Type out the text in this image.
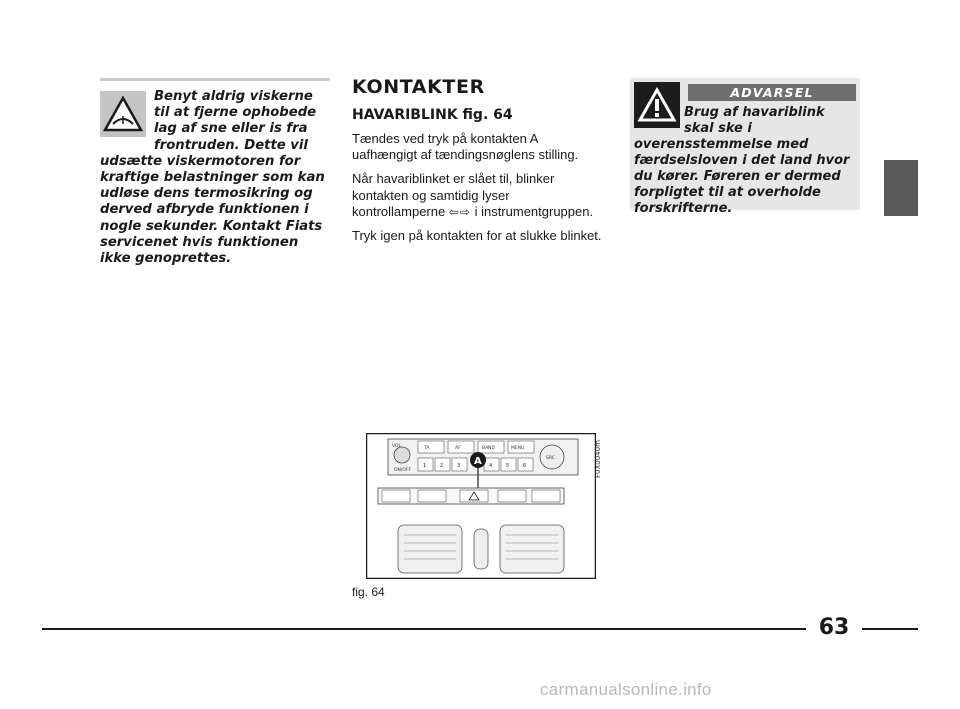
Benyt aldrig viskerne til at fjerne ophobede lag af sne eller is fra frontruden. Dette vil udsætte viskermotoren for kraftige belastninger som kan udløse dens termosikring og derved afbryde funktionen i nogle sekunder. Kontakt Fiats servicenet hvis funktionen ikke genoprettes.

KONTAKTER
HAVARIBLINK fig. 64

Tændes ved tryk på kontakten A uafhængigt af tændingsnøglens stilling.

Når havariblinket er slået til, blinker kontakten og samtidig lyser kontrollamperne ⇦⇨ i instrumentgruppen.

Tryk igen på kontakten for at slukke blinket.

ADVARSEL

Brug af havariblink skal ske i overensstemmelse med færdselsloven i det land hvor du kører. Føreren er dermed forpligtet til at overholde forskrifterne.

VOL
ON/OFF
TA	AF	BAND	MENU
1	2	3	4	5	6
SRC
A	F0X0040m
fig. 64
63
carmanualsonline.info
